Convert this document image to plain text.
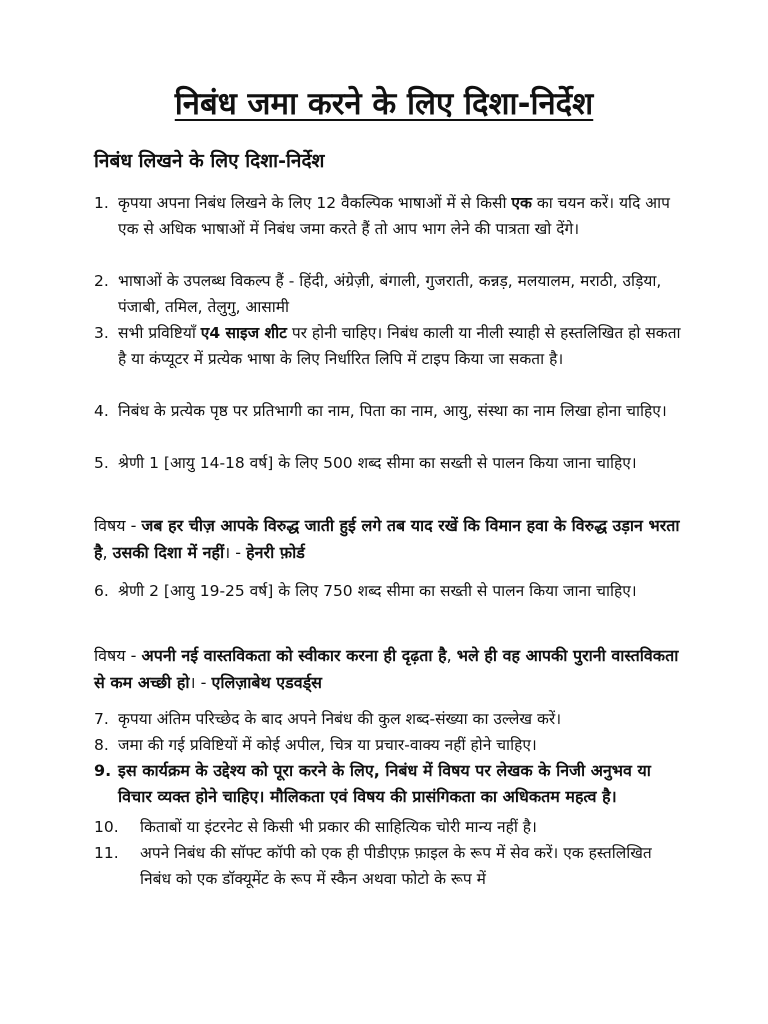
निबंध जमा करने के लिए दिशा-निर्देश
निबंध लिखने के लिए दिशा-निर्देश
1. कृपया अपना निबंध लिखने के लिए 12 वैकल्पिक भाषाओं में से किसी एक का चयन करें। यदि आप एक से अधिक भाषाओं में निबंध जमा करते हैं तो आप भाग लेने की पात्रता खो देंगे।
2. भाषाओं के उपलब्ध विकल्प हैं - हिंदी, अंग्रेज़ी, बंगाली, गुजराती, कन्नड़, मलयालम, मराठी, उड़िया, पंजाबी, तमिल, तेलुगु, आसामी
3. सभी प्रविष्टियाँ ए4 साइज शीट पर होनी चाहिए। निबंध काली या नीली स्याही से हस्तलिखित हो सकता है या कंप्यूटर में प्रत्येक भाषा के लिए निर्धारित लिपि में टाइप किया जा सकता है।
4. निबंध के प्रत्येक पृष्ठ पर प्रतिभागी का नाम, पिता का नाम, आयु, संस्था का नाम लिखा होना चाहिए।
5. श्रेणी 1 [आयु 14-18 वर्ष] के लिए 500 शब्द सीमा का सख्ती से पालन किया जाना चाहिए।
विषय - जब हर चीज़ आपके विरुद्ध जाती हुई लगे तब याद रखें कि विमान हवा के विरुद्ध उड़ान भरता है, उसकी दिशा में नहीं। - हेनरी फ़ोर्ड
6. श्रेणी 2 [आयु 19-25 वर्ष] के लिए 750 शब्द सीमा का सख्ती से पालन किया जाना चाहिए।
विषय - अपनी नई वास्तविकता को स्वीकार करना ही दृढ़ता है, भले ही वह आपकी पुरानी वास्तविकता से कम अच्छी हो। - एलिज़ाबेथ एडवर्ड्स
7. कृपया अंतिम परिच्छेद के बाद अपने निबंध की कुल शब्द-संख्या का उल्लेख करें।
8. जमा की गई प्रविष्टियों में कोई अपील, चित्र या प्रचार-वाक्य नहीं होने चाहिए।
9. इस कार्यक्रम के उद्देश्य को पूरा करने के लिए, निबंध में विषय पर लेखक के निजी अनुभव या विचार व्यक्त होने चाहिए। मौलिकता एवं विषय की प्रासंगिकता का अधिकतम महत्व है।
10. किताबों या इंटरनेट से किसी भी प्रकार की साहित्यिक चोरी मान्य नहीं है।
11. अपने निबंध की सॉफ्ट कॉपी को एक ही पीडीएफ़ फ़ाइल के रूप में सेव करें। एक हस्तलिखित निबंध को एक डॉक्यूमेंट के रूप में स्कैन अथवा फोटो के रूप में
